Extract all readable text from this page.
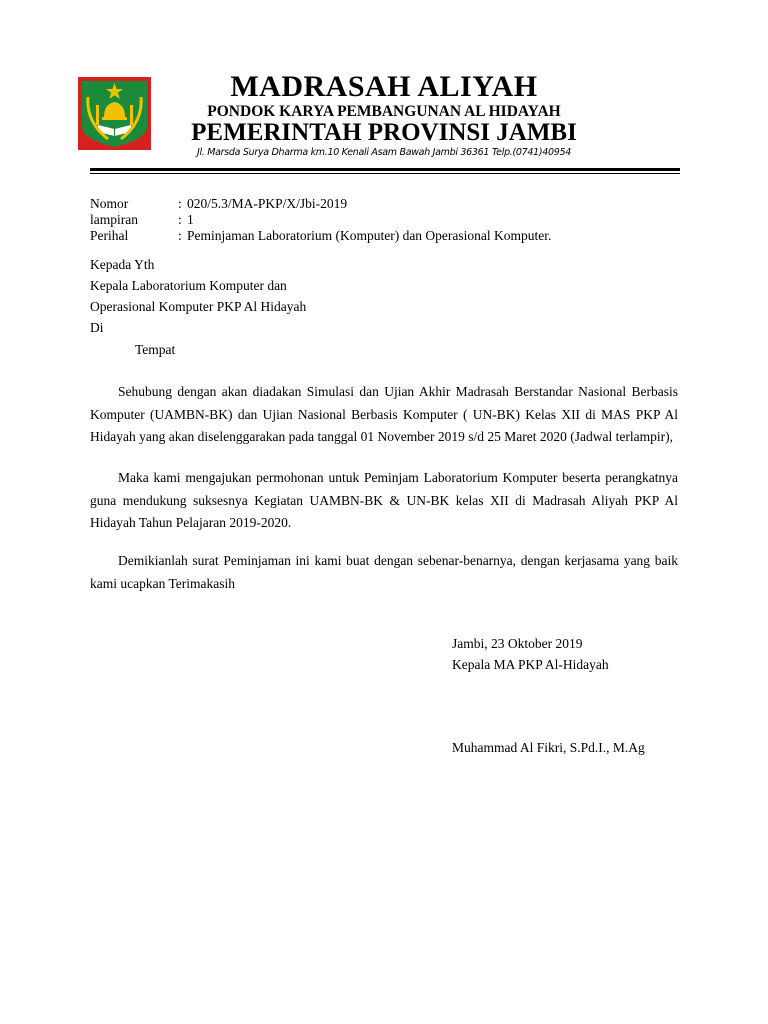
MADRASAH ALIYAH
PONDOK KARYA PEMBANGUNAN AL HIDAYAH
PEMERINTAH PROVINSI JAMBI
Jl. Marsda Surya Dharma km.10 Kenali Asam Bawah Jambi 36361 Telp.(0741)40954
Nomor	: 020/5.3/MA-PKP/X/Jbi-2019
lampiran	: 1
Perihal	: Peminjaman Laboratorium (Komputer) dan Operasional Komputer.
Kepada Yth
Kepala Laboratorium Komputer dan
Operasional Komputer PKP Al Hidayah
Di
Tempat
Sehubung dengan akan diadakan Simulasi dan Ujian Akhir Madrasah Berstandar Nasional Berbasis Komputer (UAMBN-BK) dan Ujian Nasional Berbasis Komputer ( UN-BK) Kelas XII di MAS PKP Al Hidayah yang akan diselenggarakan pada tanggal 01 November 2019 s/d 25 Maret 2020 (Jadwal terlampir),
Maka kami mengajukan permohonan untuk Peminjam Laboratorium Komputer beserta perangkatnya guna mendukung suksesnya Kegiatan UAMBN-BK & UN-BK kelas XII di Madrasah Aliyah PKP Al Hidayah Tahun Pelajaran 2019-2020.
Demikianlah surat Peminjaman ini kami buat dengan sebenar-benarnya, dengan kerjasama yang baik kami ucapkan Terimakasih
Jambi, 23 Oktober 2019
Kepala MA PKP Al-Hidayah
Muhammad Al Fikri, S.Pd.I., M.Ag
